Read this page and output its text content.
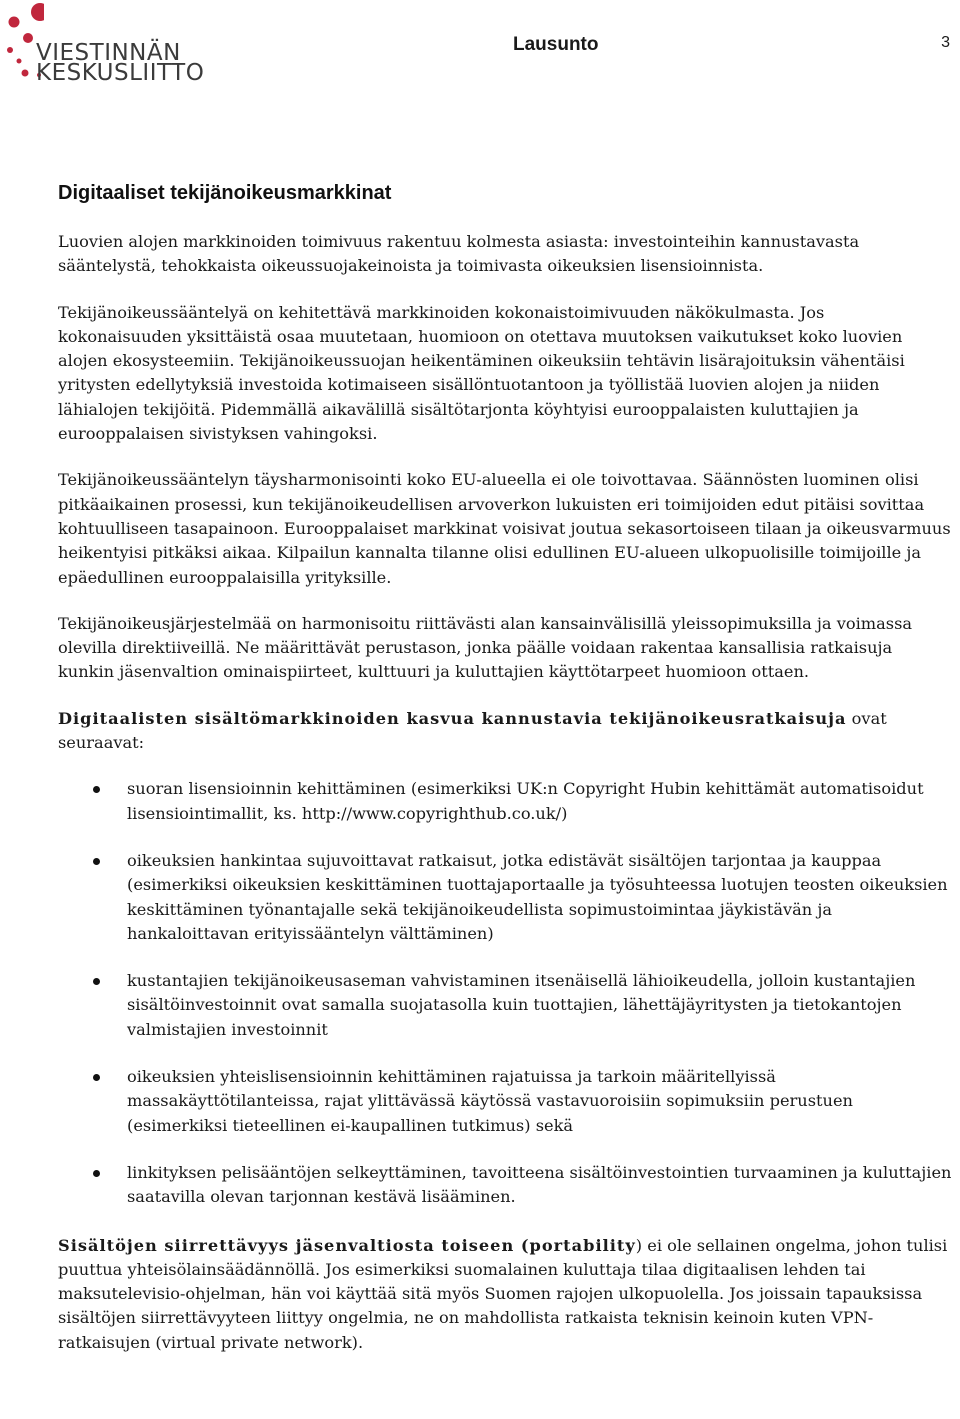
VIESTINNÄN
KESKUSLIITTO
Lausunto	3
Digitaaliset tekijänoikeusmarkkinat

Luovien alojen markkinoiden toimivuus rakentuu kolmesta asiasta: investointeihin kannustavasta sääntelystä, tehokkaista oikeussuojakeinoista ja toimivasta oikeuksien lisensioinnista.

Tekijänoikeussääntelyä on kehitettävä markkinoiden kokonaistoimivuuden näkökulmasta. Jos kokonaisuuden yksittäistä osaa muutetaan, huomioon on otettava muutoksen vaikutukset koko luovien alojen ekosysteemiin. Tekijänoikeussuojan heikentäminen oikeuksiin tehtävin lisärajoituksin vähentäisi yritysten edellytyksiä investoida kotimaiseen sisällöntuotantoon ja työllistää luovien alojen ja niiden lähialojen tekijöitä. Pidemmällä aikavälillä sisältötarjonta köyhtyisi eurooppalaisten kuluttajien ja eurooppalaisen sivistyksen vahingoksi.

Tekijänoikeussääntelyn täysharmonisointi koko EU-alueella ei ole toivottavaa. Säännösten luominen olisi pitkäaikainen prosessi, kun tekijänoikeudellisen arvoverkon lukuisten eri toimijoiden edut pitäisi sovittaa kohtuulliseen tasapainoon. Eurooppalaiset markkinat voisivat joutua sekasortoiseen tilaan ja oikeusvarmuus heikentyisi pitkäksi aikaa. Kilpailun kannalta tilanne olisi edullinen EU-alueen ulkopuolisille toimijoille ja epäedullinen eurooppalaisilla yrityksille.

Tekijänoikeusjärjestelmää on harmonisoitu riittävästi alan kansainvälisillä yleissopimuksilla ja voimassa olevilla direktiiveillä. Ne määrittävät perustason, jonka päälle voidaan rakentaa kansallisia ratkaisuja kunkin jäsenvaltion ominaispiirteet, kulttuuri ja kuluttajien käyttötarpeet huomioon ottaen.

Digitaalisten sisältömarkkinoiden kasvua kannustavia tekijänoikeusratkaisuja ovat seuraavat:

suoran lisensioinnin kehittäminen (esimerkiksi UK:n Copyright Hubin kehittämät automatisoidut lisensiointimallit, ks. http://www.copyrighthub.co.uk/)
oikeuksien hankintaa sujuvoittavat ratkaisut, jotka edistävät sisältöjen tarjontaa ja kauppaa (esimerkiksi oikeuksien keskittäminen tuottajaportaalle ja työsuhteessa luotujen teosten oikeuksien keskittäminen työnantajalle sekä tekijänoikeudellista sopimustoimintaa jäykistävän ja hankaloittavan erityissääntelyn välttäminen)
kustantajien tekijänoikeusaseman vahvistaminen itsenäisellä lähioikeudella, jolloin kustantajien sisältöinvestoinnit ovat samalla suojatasolla kuin tuottajien, lähettäjäyritysten ja tietokantojen valmistajien investoinnit
oikeuksien yhteislisensioinnin kehittäminen rajatuissa ja tarkoin määritellyissä massakäyttötilanteissa, rajat ylittävässä käytössä vastavuoroisiin sopimuksiin perustuen (esimerkiksi tieteellinen ei-kaupallinen tutkimus) sekä
linkityksen pelisääntöjen selkeyttäminen, tavoitteena sisältöinvestointien turvaaminen ja kuluttajien saatavilla olevan tarjonnan kestävä lisääminen.

Sisältöjen siirrettävyys jäsenvaltiosta toiseen (portability) ei ole sellainen ongelma, johon tulisi puuttua yhteisölainsäädännöllä. Jos esimerkiksi suomalainen kuluttaja tilaa digitaalisen lehden tai maksutelevisio-ohjelman, hän voi käyttää sitä myös Suomen rajojen ulkopuolella. Jos joissain tapauksissa sisältöjen siirrettävyyteen liittyy ongelmia, ne on mahdollista ratkaista teknisin keinoin kuten VPN-ratkaisujen (virtual private network).
